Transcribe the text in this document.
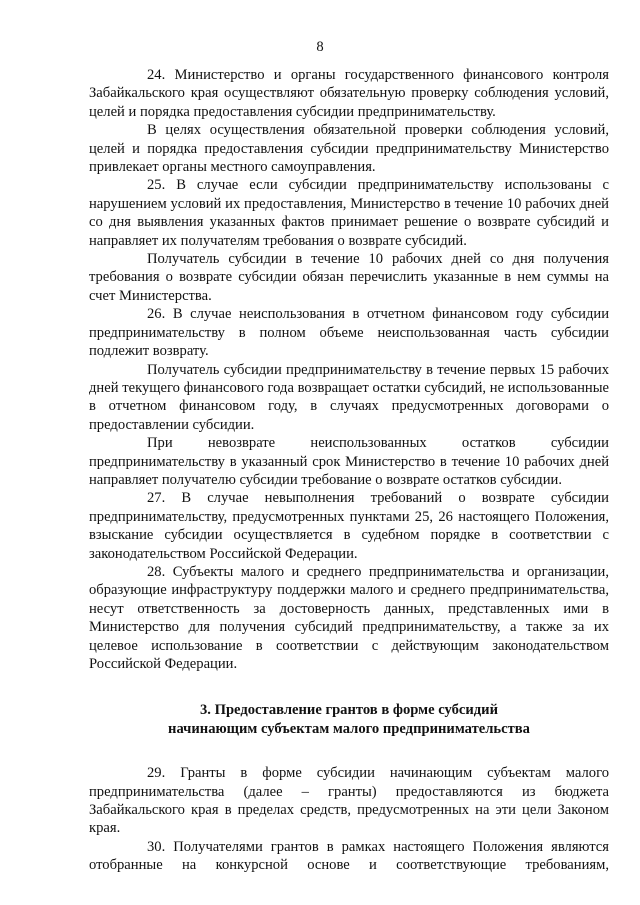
8

24. Министерство и органы государственного финансового контроля Забайкальского края осуществляют обязательную проверку соблюдения условий, целей и порядка предоставления субсидии предпринимательству.

В целях осуществления обязательной проверки соблюдения условий, целей и порядка предоставления субсидии предпринимательству Министерство привлекает органы местного самоуправления.

25. В случае если субсидии предпринимательству использованы с нарушением условий их предоставления, Министерство в течение 10 рабочих дней со дня выявления указанных фактов принимает решение о возврате субсидий и направляет их получателям требования о возврате субсидий.

Получатель субсидии в течение 10 рабочих дней со дня получения требования о возврате субсидии обязан перечислить указанные в нем суммы на счет Министерства.

26. В случае неиспользования в отчетном финансовом году субсидии предпринимательству в полном объеме неиспользованная часть субсидии подлежит возврату.

Получатель субсидии предпринимательству в течение первых 15 рабочих дней текущего финансового года возвращает остатки субсидий, не использованные в отчетном финансовом году, в случаях предусмотренных договорами о предоставлении субсидии.

При невозврате неиспользованных остатков субсидии предпринимательству в указанный срок Министерство в течение 10 рабочих дней направляет получателю субсидии требование о возврате остатков субсидии.

27. В случае невыполнения требований о возврате субсидии предпринимательству, предусмотренных пунктами 25, 26 настоящего Положения, взыскание субсидии осуществляется в судебном порядке в соответствии с законодательством Российской Федерации.

28. Субъекты малого и среднего предпринимательства и организации, образующие инфраструктуру поддержки малого и среднего предпринимательства, несут ответственность за достоверность данных, представленных ими в Министерство для получения субсидий предпринимательству, а также за их целевое использование в соответствии с действующим законодательством Российской Федерации.

3. Предоставление грантов в форме субсидий
начинающим субъектам малого предпринимательства

29. Гранты в форме субсидии начинающим субъектам малого предпринимательства (далее – гранты) предоставляются из бюджета Забайкальского края в пределах средств, предусмотренных на эти цели Законом края.

30. Получателями грантов в рамках настоящего Положения являются отобранные на конкурсной основе и соответствующие требованиям,
